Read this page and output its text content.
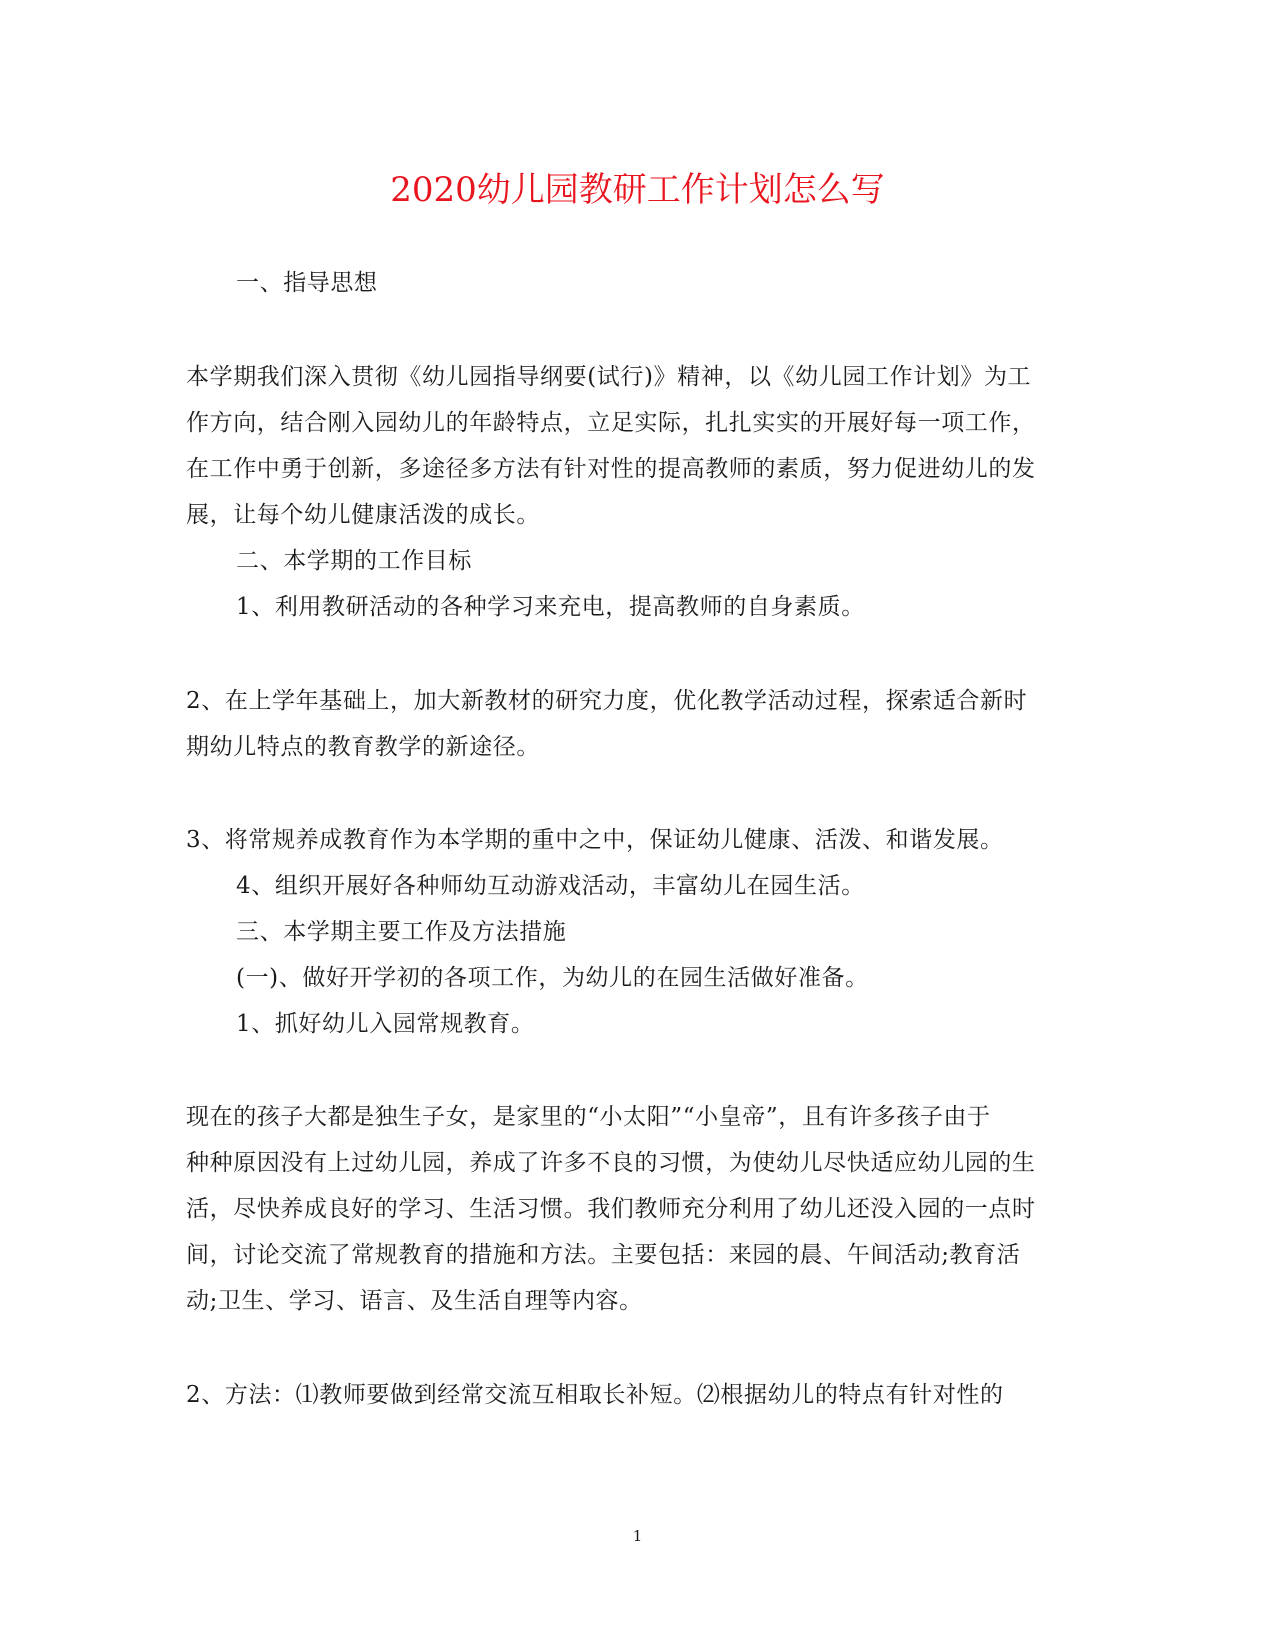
2020幼儿园教研工作计划怎么写
一、指导思想
本学期我们深入贯彻《幼儿园指导纲要(试行)》精神，以《幼儿园工作计划》为工
作方向，结合刚入园幼儿的年龄特点，立足实际，扎扎实实的开展好每一项工作，
在工作中勇于创新，多途径多方法有针对性的提高教师的素质，努力促进幼儿的发
展，让每个幼儿健康活泼的成长。
二、本学期的工作目标
1、利用教研活动的各种学习来充电，提高教师的自身素质。
2、在上学年基础上，加大新教材的研究力度，优化教学活动过程，探索适合新时
期幼儿特点的教育教学的新途径。
3、将常规养成教育作为本学期的重中之中，保证幼儿健康、活泼、和谐发展。
4、组织开展好各种师幼互动游戏活动，丰富幼儿在园生活。
三、本学期主要工作及方法措施
(一)、做好开学初的各项工作，为幼儿的在园生活做好准备。
1、抓好幼儿入园常规教育。
现在的孩子大都是独生子女，是家里的“小太阳”“小皇帝”，且有许多孩子由于
种种原因没有上过幼儿园，养成了许多不良的习惯，为使幼儿尽快适应幼儿园的生
活，尽快养成良好的学习、生活习惯。我们教师充分利用了幼儿还没入园的一点时
间，讨论交流了常规教育的措施和方法。主要包括：来园的晨、午间活动;教育活
动;卫生、学习、语言、及生活自理等内容。
2、方法：⑴教师要做到经常交流互相取长补短。⑵根据幼儿的特点有针对性的
1
